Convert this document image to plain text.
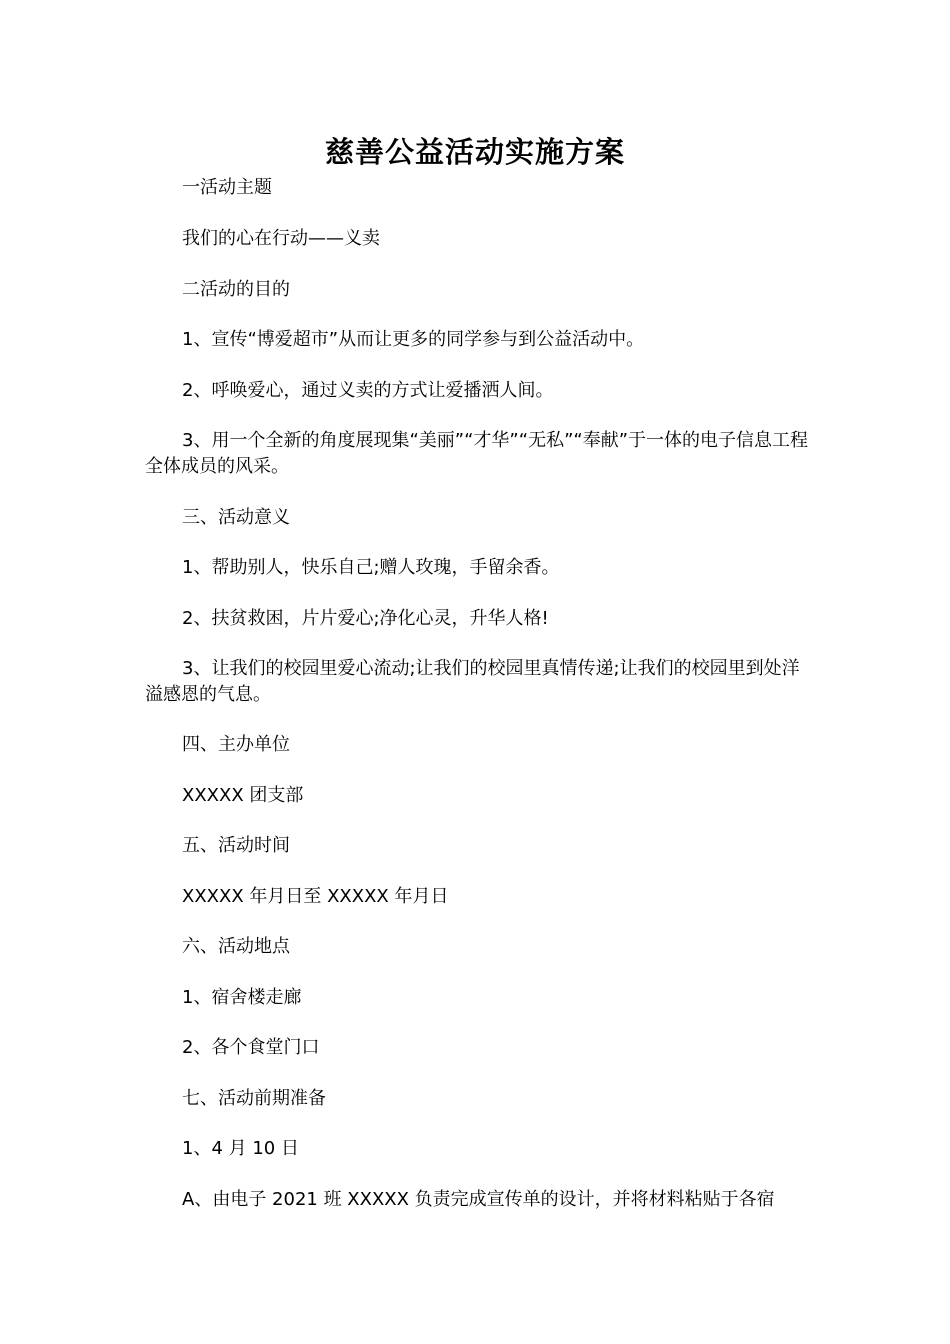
慈善公益活动实施方案

一活动主题

我们的心在行动——义卖

二活动的目的

1、宣传“博爱超市”从而让更多的同学参与到公益活动中。

2、呼唤爱心，通过义卖的方式让爱播洒人间。

3、用一个全新的角度展现集“美丽”“才华”“无私”“奉献”于一体的电子信息工程全体成员的风采。

三、活动意义

1、帮助别人，快乐自己;赠人玫瑰，手留余香。

2、扶贫救困，片片爱心;净化心灵，升华人格!

3、让我们的校园里爱心流动;让我们的校园里真情传递;让我们的校园里到处洋溢感恩的气息。

四、主办单位

XXXXX 团支部

五、活动时间

XXXXX 年月日至 XXXXX 年月日

六、活动地点

1、宿舍楼走廊

2、各个食堂门口

七、活动前期准备

1、4 月 10 日

A、由电子 2021 班 XXXXX 负责完成宣传单的设计，并将材料粘贴于各宿
